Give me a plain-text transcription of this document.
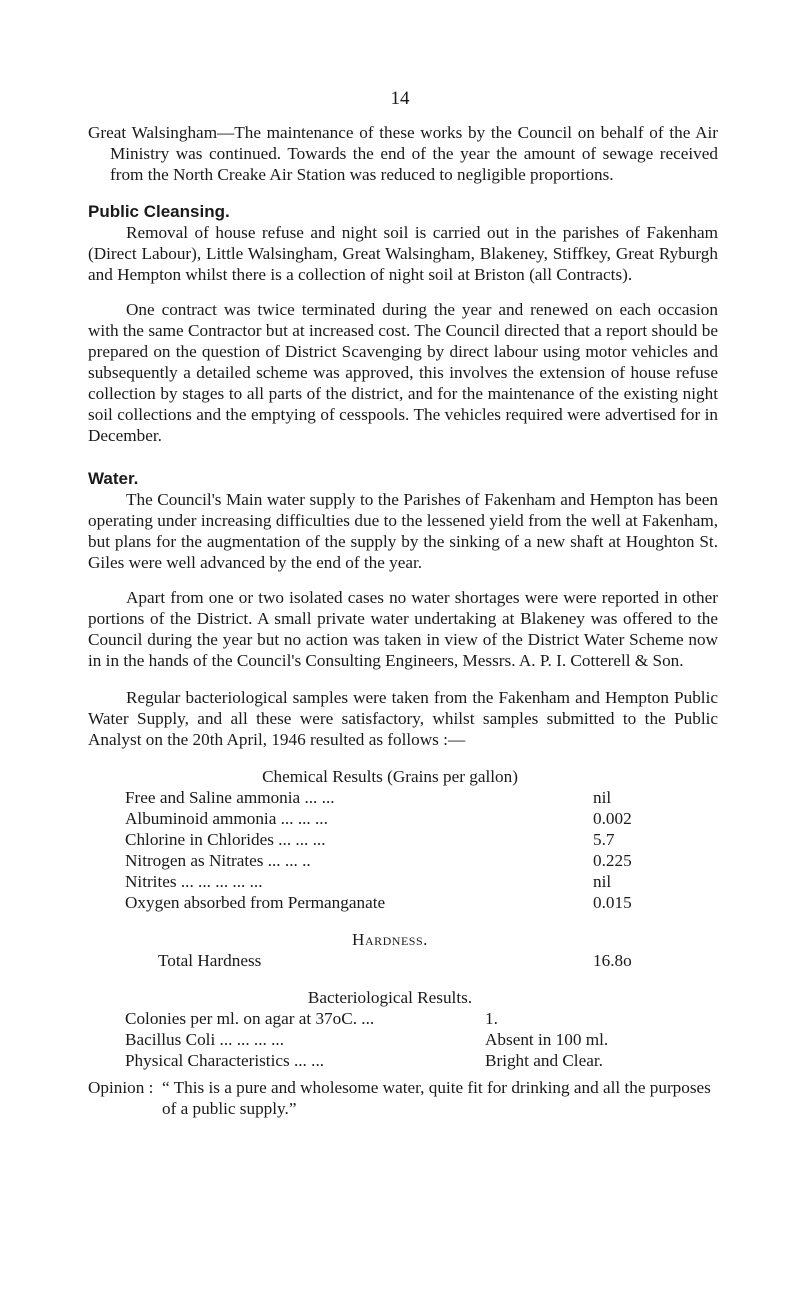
14

Great Walsingham—The maintenance of these works by the Council on behalf of the Air Ministry was continued. Towards the end of the year the amount of sewage received from the North Creake Air Station was reduced to negligible proportions.

Public Cleansing.

Removal of house refuse and night soil is carried out in the parishes of Fakenham (Direct Labour), Little Walsingham, Great Walsingham, Blakeney, Stiffkey, Great Ryburgh and Hempton whilst there is a collection of night soil at Briston (all Contracts).

One contract was twice terminated during the year and renewed on each occasion with the same Contractor but at increased cost. The Council directed that a report should be prepared on the question of District Scavenging by direct labour using motor vehicles and subsequently a detailed scheme was approved, this involves the extension of house refuse collection by stages to all parts of the district, and for the maintenance of the existing night soil collections and the emptying of cesspools. The vehicles required were advertised for in December.

Water.

The Council's Main water supply to the Parishes of Fakenham and Hempton has been operating under increasing difficulties due to the lessened yield from the well at Fakenham, but plans for the augmentation of the supply by the sinking of a new shaft at Houghton St. Giles were well advanced by the end of the year.

Apart from one or two isolated cases no water shortages were were reported in other portions of the District. A small private water undertaking at Blakeney was offered to the Council during the year but no action was taken in view of the District Water Scheme now in in the hands of the Council's Consulting Engineers, Messrs. A. P. I. Cotterell & Son.

Regular bacteriological samples were taken from the Fakenham and Hempton Public Water Supply, and all these were satisfactory, whilst samples submitted to the Public Analyst on the 20th April, 1946 resulted as follows :—

Chemical Results (Grains per gallon)
Free and Saline ammonia ... ...	nil
Albuminoid ammonia ... ... ...	0.002
Chlorine in Chlorides ... ... ...	5.7
Nitrogen as Nitrates ... ... ..	0.225
Nitrites ... ... ... ... ...	nil
Oxygen absorbed from Permanganate	0.015
Hardness.
Total Hardness	16.8o
Bacteriological Results.
Colonies per ml. on agar at 37oC. ...	1.
Bacillus Coli ... ... ... ...	Absent in 100 ml.
Physical Characteristics ... ...	Bright and Clear.
Opinion : “ This is a pure and wholesome water, quite fit for drinking and all the purposes of a public supply.”
